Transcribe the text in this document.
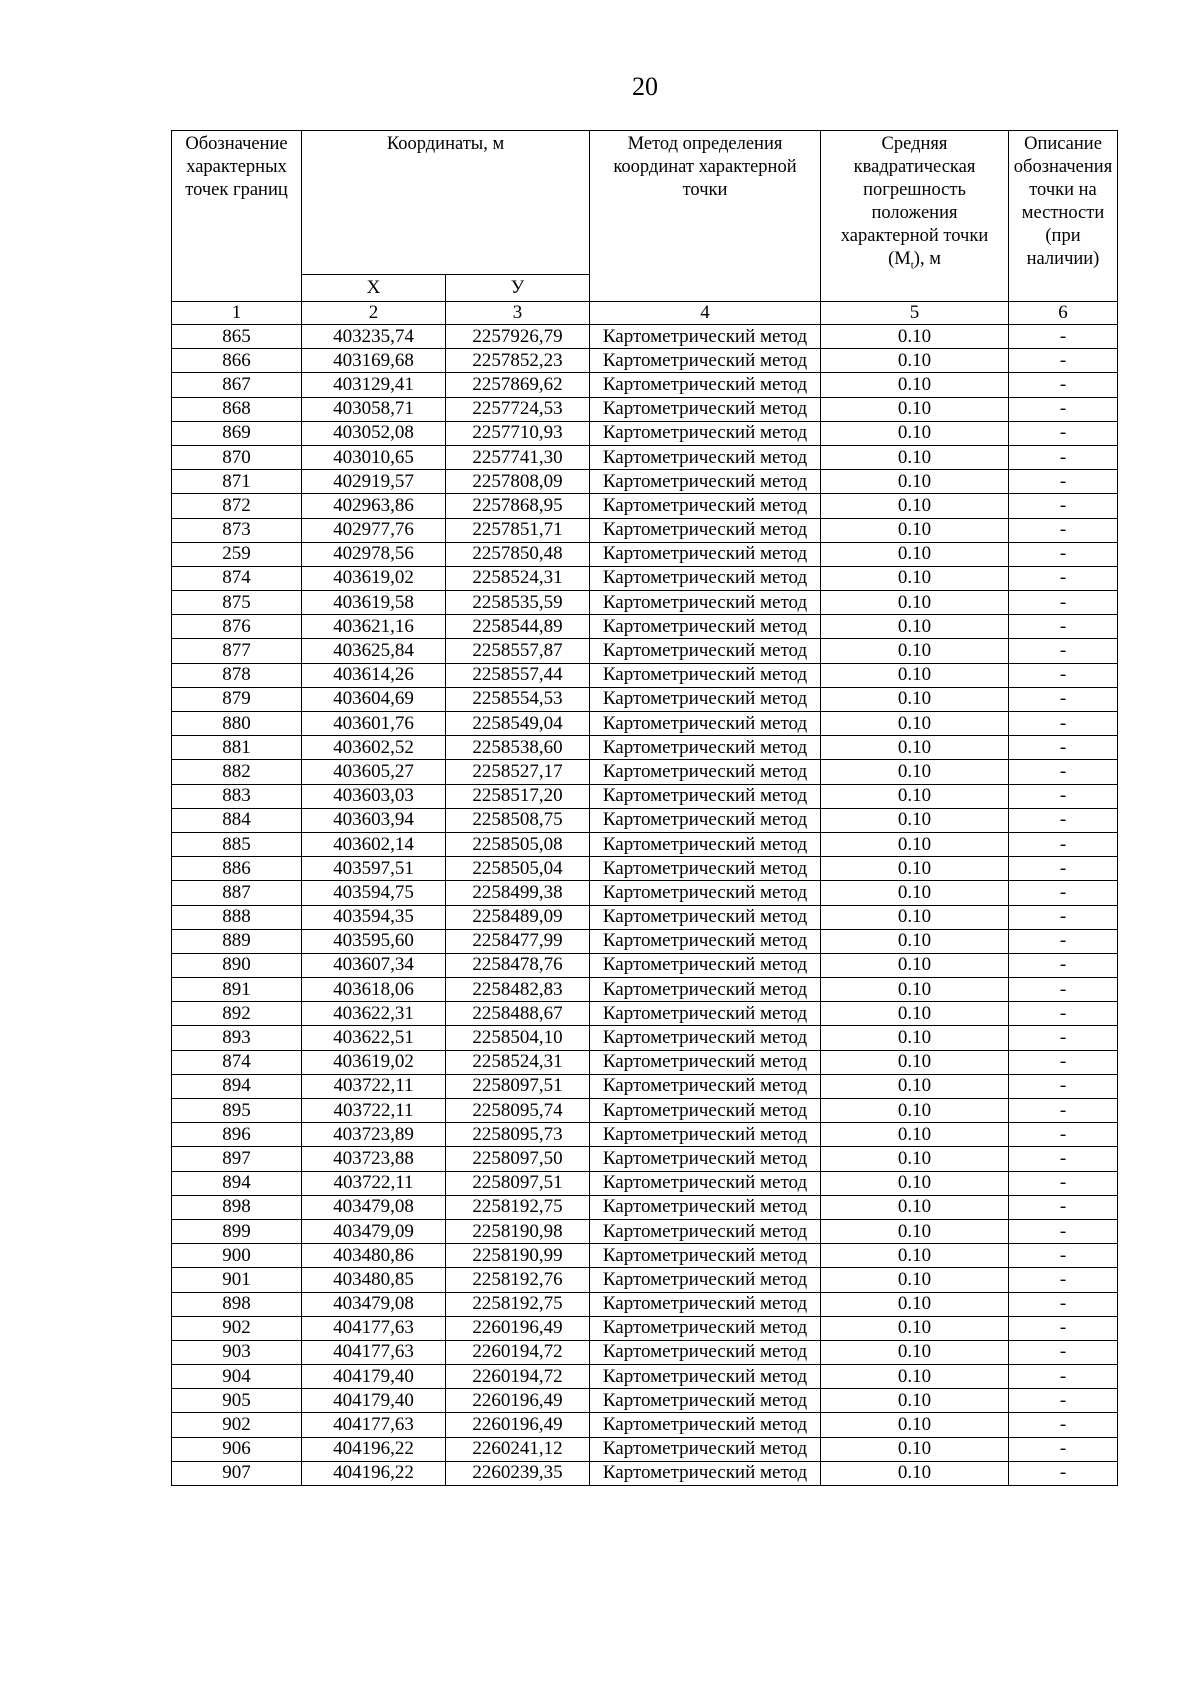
20
Обозначение характерных точек границ	Координаты, м		Метод определения координат характерной точки	Средняя квадратическая погрешность положения характерной точки $(M_t)$, м	Описание обозначения точки на местности (при наличии)
	Х	У			
1	2	3	4	5	6
865	403235,74	2257926,79	Картометрический метод	0.10	-
866	403169,68	2257852,23	Картометрический метод	0.10	-
867	403129,41	2257869,62	Картометрический метод	0.10	-
868	403058,71	2257724,53	Картометрический метод	0.10	-
869	403052,08	2257710,93	Картометрический метод	0.10	-
870	403010,65	2257741,30	Картометрический метод	0.10	-
871	402919,57	2257808,09	Картометрический метод	0.10	-
872	402963,86	2257868,95	Картометрический метод	0.10	-
873	402977,76	2257851,71	Картометрический метод	0.10	-
259	402978,56	2257850,48	Картометрический метод	0.10	-
874	403619,02	2258524,31	Картометрический метод	0.10	-
875	403619,58	2258535,59	Картометрический метод	0.10	-
876	403621,16	2258544,89	Картометрический метод	0.10	-
877	403625,84	2258557,87	Картометрический метод	0.10	-
878	403614,26	2258557,44	Картометрический метод	0.10	-
879	403604,69	2258554,53	Картометрический метод	0.10	-
880	403601,76	2258549,04	Картометрический метод	0.10	-
881	403602,52	2258538,60	Картометрический метод	0.10	-
882	403605,27	2258527,17	Картометрический метод	0.10	-
883	403603,03	2258517,20	Картометрический метод	0.10	-
884	403603,94	2258508,75	Картометрический метод	0.10	-
885	403602,14	2258505,08	Картометрический метод	0.10	-
886	403597,51	2258505,04	Картометрический метод	0.10	-
887	403594,75	2258499,38	Картометрический метод	0.10	-
888	403594,35	2258489,09	Картометрический метод	0.10	-
889	403595,60	2258477,99	Картометрический метод	0.10	-
890	403607,34	2258478,76	Картометрический метод	0.10	-
891	403618,06	2258482,83	Картометрический метод	0.10	-
892	403622,31	2258488,67	Картометрический метод	0.10	-
893	403622,51	2258504,10	Картометрический метод	0.10	-
874	403619,02	2258524,31	Картометрический метод	0.10	-
894	403722,11	2258097,51	Картометрический метод	0.10	-
895	403722,11	2258095,74	Картометрический метод	0.10	-
896	403723,89	2258095,73	Картометрический метод	0.10	-
897	403723,88	2258097,50	Картометрический метод	0.10	-
894	403722,11	2258097,51	Картометрический метод	0.10	-
898	403479,08	2258192,75	Картометрический метод	0.10	-
899	403479,09	2258190,98	Картометрический метод	0.10	-
900	403480,86	2258190,99	Картометрический метод	0.10	-
901	403480,85	2258192,76	Картометрический метод	0.10	-
898	403479,08	2258192,75	Картометрический метод	0.10	-
902	404177,63	2260196,49	Картометрический метод	0.10	-
903	404177,63	2260194,72	Картометрический метод	0.10	-
904	404179,40	2260194,72	Картометрический метод	0.10	-
905	404179,40	2260196,49	Картометрический метод	0.10	-
902	404177,63	2260196,49	Картометрический метод	0.10	-
906	404196,22	2260241,12	Картометрический метод	0.10	-
907	404196,22	2260239,35	Картометрический метод	0.10	-
